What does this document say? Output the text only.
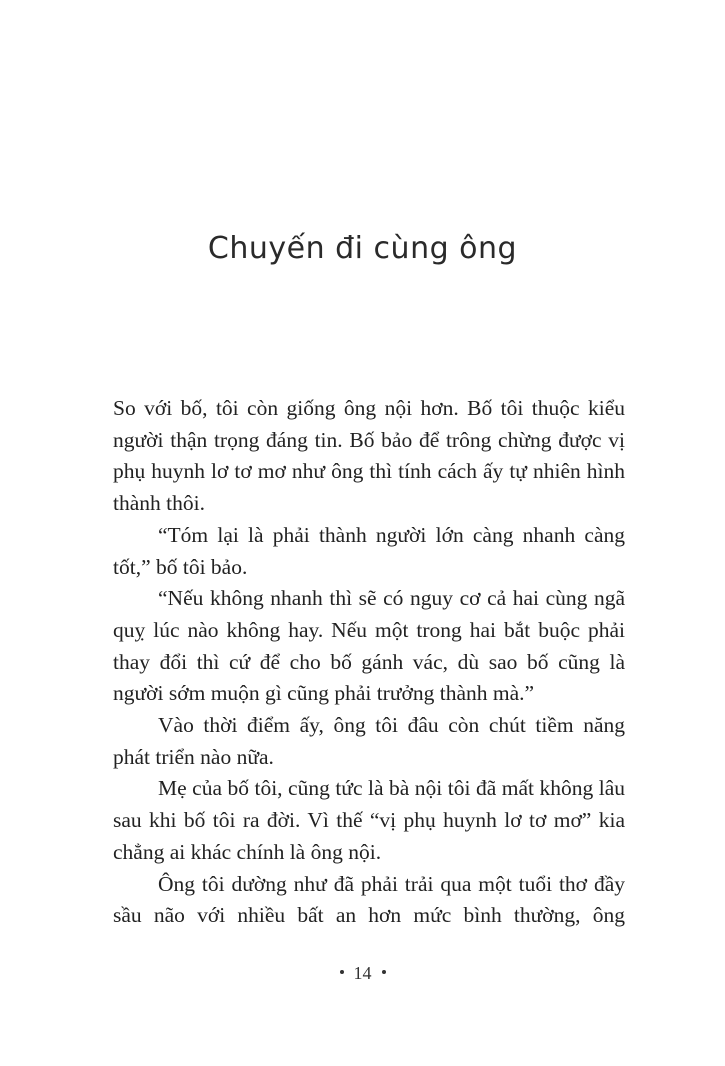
Chuyến đi cùng ông

So với bố, tôi còn giống ông nội hơn. Bố tôi thuộc kiểu người thận trọng đáng tin. Bố bảo để trông chừng được vị phụ huynh lơ tơ mơ như ông thì tính cách ấy tự nhiên hình thành thôi.

“Tóm lại là phải thành người lớn càng nhanh càng tốt,” bố tôi bảo.

“Nếu không nhanh thì sẽ có nguy cơ cả hai cùng ngã quỵ lúc nào không hay. Nếu một trong hai bắt buộc phải thay đổi thì cứ để cho bố gánh vác, dù sao bố cũng là người sớm muộn gì cũng phải trưởng thành mà.”

Vào thời điểm ấy, ông tôi đâu còn chút tiềm năng phát triển nào nữa.

Mẹ của bố tôi, cũng tức là bà nội tôi đã mất không lâu sau khi bố tôi ra đời. Vì thế “vị phụ huynh lơ tơ mơ” kia chẳng ai khác chính là ông nội.

Ông tôi dường như đã phải trải qua một tuổi thơ đầy sầu não với nhiều bất an hơn mức bình thường, ông

14
